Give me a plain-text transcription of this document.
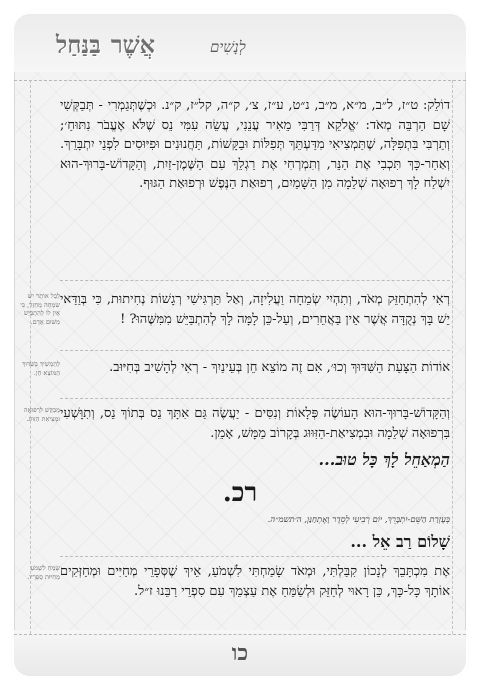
אֲשֶׁרבַּנַּחַל	לְנָשִׁים

דוֹלֵק: ט״ז, ל״ב, מ״א, מ״ב, נ״ט, ע״ז, צ׳, ק״ה, קל״ז, ק״נ. וּכְשֶׁתְּגַמְרִי - תְּבַקְּשִׁי שָׁם הַרְבֵּה מְאֹד: ׳אֱלֹקֵא דְּרַבִּי מֵאִיר עֲנֵנִי, עֲשֵׂה עִמִּי נֵס שֶׁלֹּא אֶעֱבֹר נִתּוּחַ׳; וְתַרְבִּי בִּתְפִלָּה, שֶׁתַּמְצִיאִי מִדַּעְתֵּךְ תְּפִלּוֹת וּבַקָּשׁוֹת, תַּחֲנוּנִים וּפִיּוּסִים לִפְנֵי יִתְבָּרֵךְ. וְאַחַר-כָּךְ תִּכְבִי אֶת הַנֵּר, וְתִמְרְחִי אֶת רַגְלֵךְ עִם הַשֶּׁמֶן-זַיִת, וְהַקָּדוֹשׁ-בָּרוּךְ-הוּא יִשְׁלַח לָךְ רְפוּאָה שְׁלֵמָה מִן הַשָּׁמַיִם, רְפוּאַת הַנֶּפֶשׁ וּרְפוּאַת הַגּוּף.

לְבַל אוֹתֵר יִשׁ שִׂמְחָה מְחַזֵּר, כִּי אֵין לוֹ לְהִתְבַּיֵּשׁ מִשּׁוּם אָדָם.

רְאִי לְהִתְחַזֵּק מְאֹד, וְתִהְיִי שְׂמֵחָה וַעֲלִיזָה, וְאַל תַּרְגִּישִׁי רְגָשׁוֹת נְחִיתוּת, כִּי בְּוַדַּאי יֵשׁ בָּךְ נְקֻדָּה אֲשֶׁר אֵין בַּאֲחֵרִים, וְעַל-כֵּן לָמָּה לָךְ לְהִתְבַּיֵּשׁ מִמִּשֶּׁהוּ? !

לְהַמְשִׁיךְ בַּשִּׁדּוּךְ הַמּוֹצֵא חֵן.	אוֹדוֹת הַצָּעַת הַשִּׁדּוּךְ וְכוּ׳, אִם זֶה מוֹצֵא חֵן בְּעֵינַיִךְ - רְאִי לְהָשִׁיב בְּחִיּוּב.

מְבַקֵּשׁ לִרְפוּאָה וּמְצִיאַת הַזִּוּוּג. וְהַקָּדוֹשׁ-בָּרוּךְ-הוּא הָעוֹשֶׂה פְּלָאוֹת וְנִסִּים - יַעֲשֶׂה גַּם אִתָּךְ נֵס בְּתוֹךְ נֵס, וְתִוָּשְׁעִי בִּרְפוּאָה שְׁלֵמָה וּבִמְצִיאַת-הַזִּוּוּג בְּקָרוֹב מַמָּשׁ, אָמֵן.

הַמְאַחֵל לָךְ כָּל טוּב...
רכ.
בְּעֶזְרַת הַשֵּׁם-יִתְבָּרֵךְ, יוֹם רְבִיעִי לְסֵדֶר וָאֶתְחַנַּן, ה׳תשמ״ה.
שָׁלוֹם רַב אֵל ...
שָׂמֵחַ לִשְׁמֹעַ מֵחִיּוּת סְפָרָיו. אֶת מִכְתָּבֵךְ לְנָכוֹן קִבַּלְתִּי, וּמְאֹד שָׂמַחְתִּי לִשְׁמֹעַ, אֵיךְ שֶׁסְּפָרֵי מְחַיִּים וּמְחַזְּקִים אוֹתָךְ כָּל-כָּךְ, כֵּן רָאוּי לְחַזֵּק וּלְשַׂמֵּחַ אֶת עַצְמֵךְ עִם סִפְרֵי רַבֵּנוּ ז״ל.

כו
